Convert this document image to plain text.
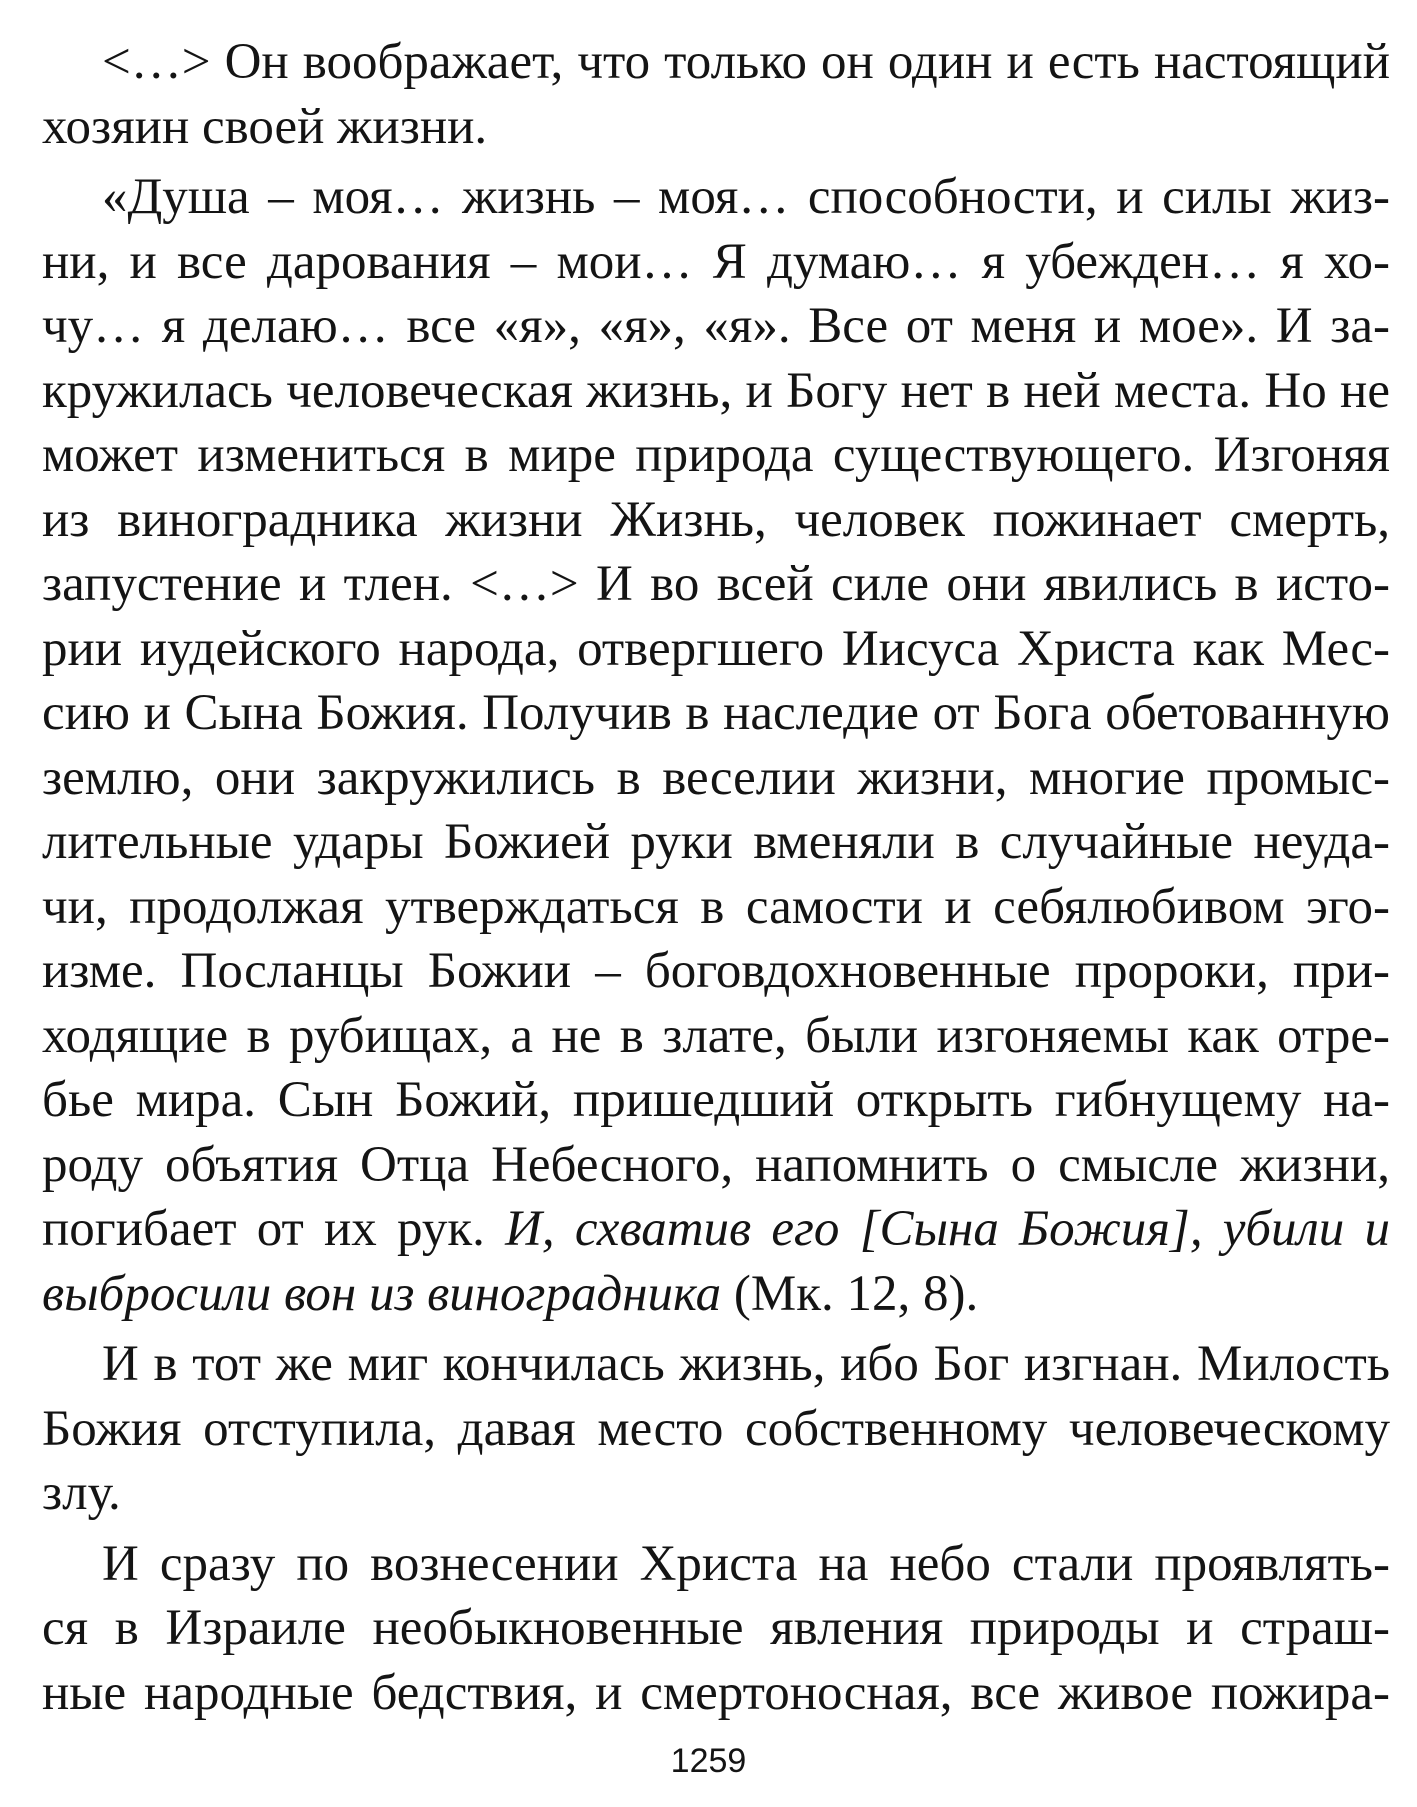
<…> Он воображает, что только он один и есть настоящий
хозяин своей жизни.
«Душа – моя… жизнь – моя… способности, и силы жиз-
ни, и все дарования – мои… Я думаю… я убежден… я хо-
чу… я делаю… все «я», «я», «я». Все от меня и мое». И за-
кружилась человеческая жизнь, и Богу нет в ней места. Но не
может измениться в мире природа существующего. Изгоняя
из виноградника жизни Жизнь, человек пожинает смерть,
запустение и тлен. <…> И во всей силе они явились в исто-
рии иудейского народа, отвергшего Иисуса Христа как Мес-
сию и Сына Божия. Получив в наследие от Бога обетованную
землю, они закружились в веселии жизни, многие промыс-
лительные удары Божией руки вменяли в случайные неуда-
чи, продолжая утверждаться в самости и себялюбивом эго-
изме. Посланцы Божии – боговдохновенные пророки, при-
ходящие в рубищах, а не в злате, были изгоняемы как отре-
бье мира. Сын Божий, пришедший открыть гибнущему на-
роду объятия Отца Небесного, напомнить о смысле жизни,
погибает от их рук. И, схватив его [Сына Божия], убили и
выбросили вон из виноградника (Мк. 12, 8).
И в тот же миг кончилась жизнь, ибо Бог изгнан. Милость
Божия отступила, давая место собственному человеческому
злу.
И сразу по вознесении Христа на небо стали проявлять-
ся в Израиле необыкновенные явления природы и страш-
ные народные бедствия, и смертоносная, все живое пожира-
1259
